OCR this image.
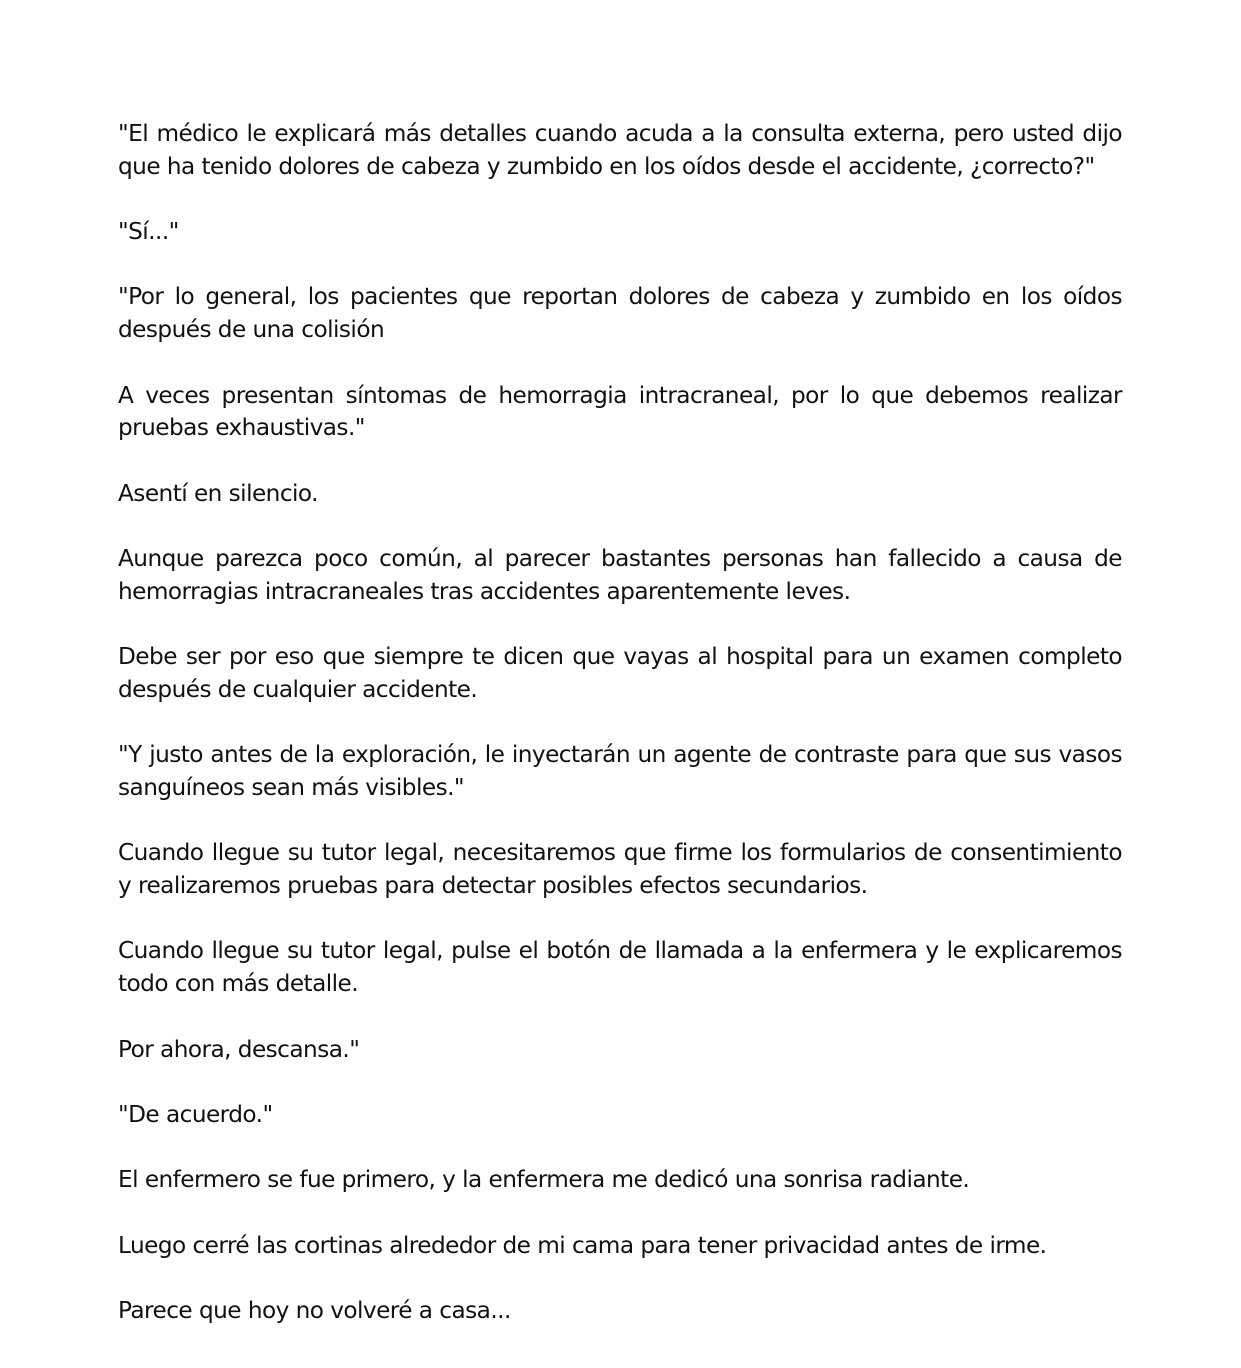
"El médico le explicará más detalles cuando acuda a la consulta externa, pero usted dijo que ha tenido dolores de cabeza y zumbido en los oídos desde el accidente, ¿correcto?"

"Sí..."

"Por lo general, los pacientes que reportan dolores de cabeza y zumbido en los oídos después de una colisión

A veces presentan síntomas de hemorragia intracraneal, por lo que debemos realizar pruebas exhaustivas."

Asentí en silencio.

Aunque parezca poco común, al parecer bastantes personas han fallecido a causa de hemorragias intracraneales tras accidentes aparentemente leves.

Debe ser por eso que siempre te dicen que vayas al hospital para un examen completo después de cualquier accidente.

"Y justo antes de la exploración, le inyectarán un agente de contraste para que sus vasos sanguíneos sean más visibles."

Cuando llegue su tutor legal, necesitaremos que firme los formularios de consentimiento y realizaremos pruebas para detectar posibles efectos secundarios.

Cuando llegue su tutor legal, pulse el botón de llamada a la enfermera y le explicaremos todo con más detalle.

Por ahora, descansa."

"De acuerdo."

El enfermero se fue primero, y la enfermera me dedicó una sonrisa radiante.

Luego cerré las cortinas alrededor de mi cama para tener privacidad antes de irme.

Parece que hoy no volveré a casa...
